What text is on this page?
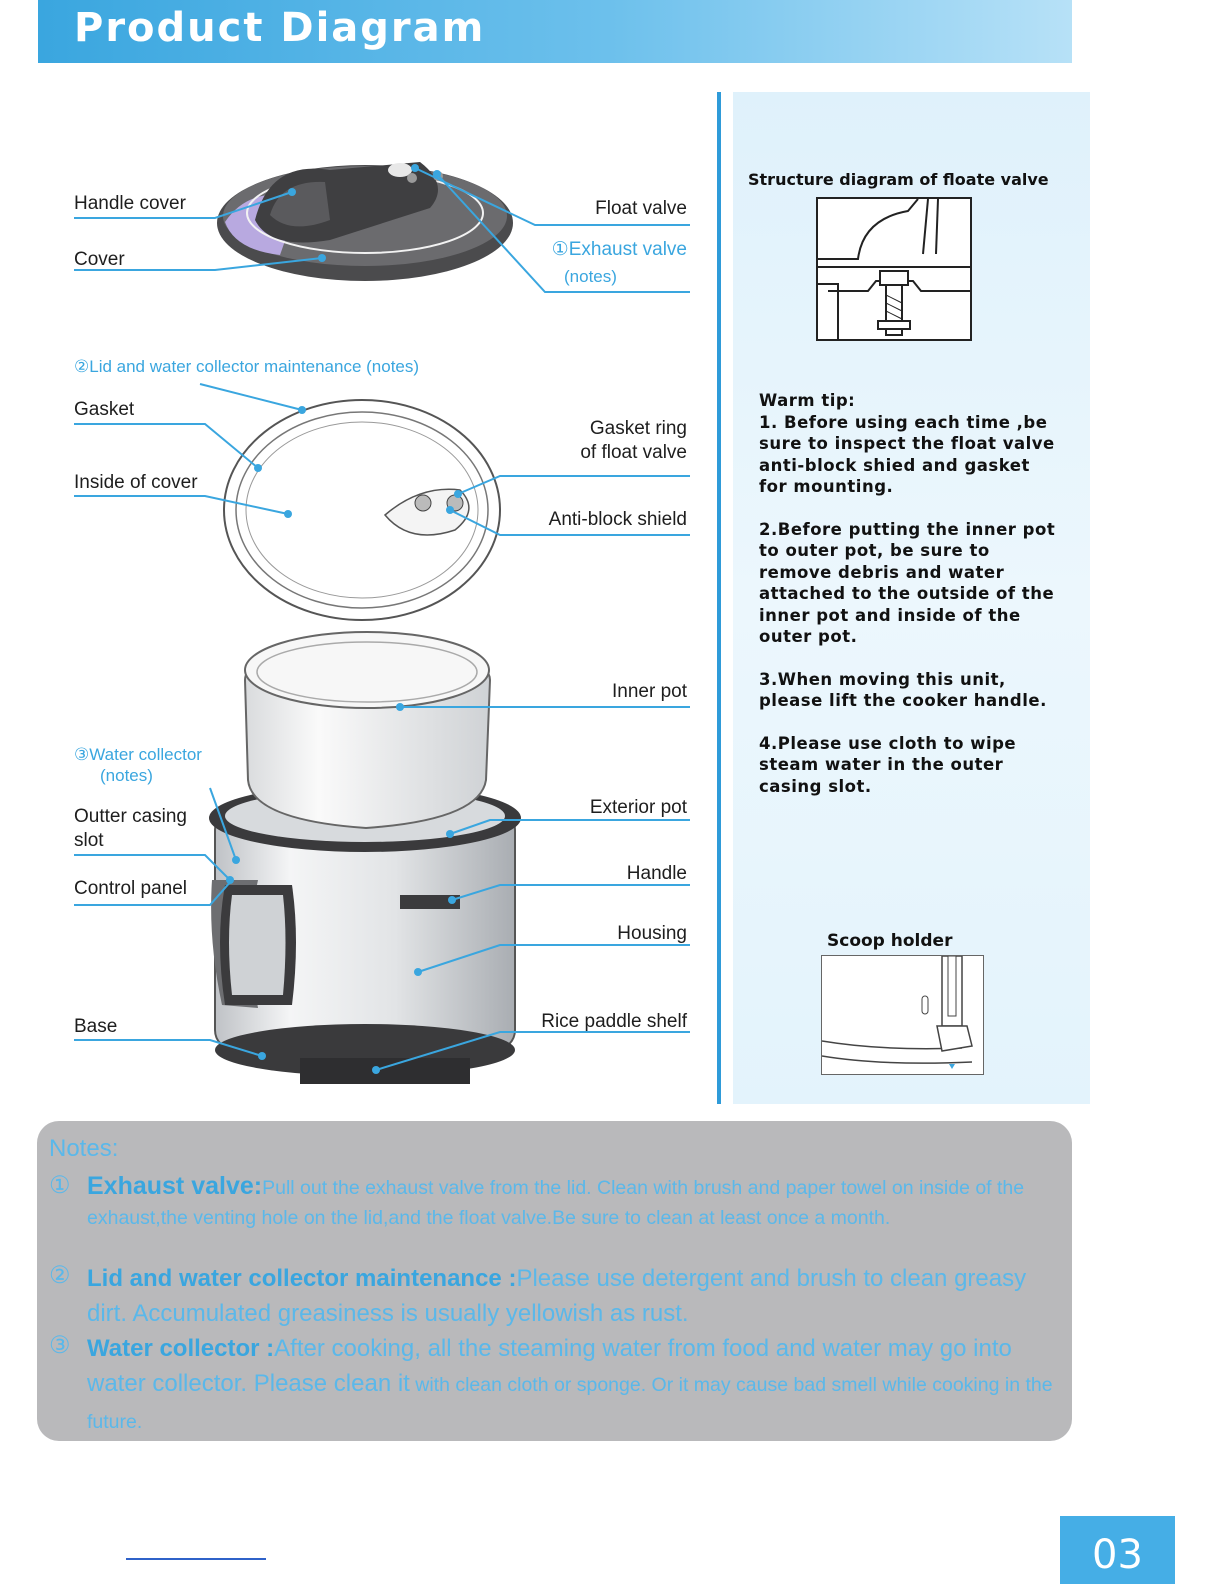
Product Diagram
Handle cover
Cover
②Lid and water collector maintenance (notes)
Gasket
Inside of cover
③Water collector
(notes)
Outter casing
slot
Control panel
Base
Float valve
①Exhaust valve
(notes)
Gasket ring
of float valve
Anti-block shield
Inner pot
Exterior pot
Handle
Housing
Rice paddle shelf
Structure diagram of floate valve
Warm tip:

1. Before using each time ,be sure to inspect the float valve anti-block shied and gasket for mounting.

2.Before putting the inner pot to outer pot, be sure to remove debris and water attached to the outside of the inner pot and inside of the outer pot.

3.When moving this unit, please lift the cooker handle.

4.Please use cloth to wipe steam water in the outer casing slot.

Scoop holder
Notes:
① Exhaust valve:Pull out the exhaust valve from the lid. Clean with brush and paper towel on inside of the exhaust,the venting hole on the lid,and the float valve.Be sure to clean at least once a month.
② Lid and water collector maintenance :Please use detergent and brush to clean greasy dirt. Accumulated greasiness is usually yellowish as rust.
③ Water collector :After cooking, all the steaming water from food and water may go into water collector. Please clean it with clean cloth or sponge. Or it may cause bad smell while cooking in the future.
03
